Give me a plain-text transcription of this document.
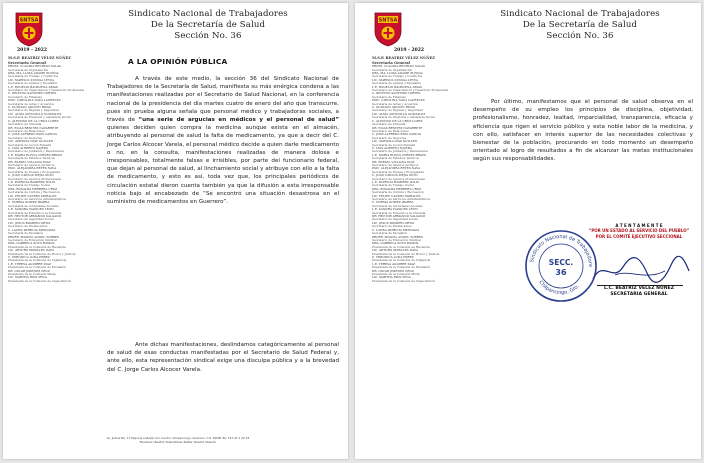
SNTSA
Sindicato Nacional de Trabajadores
De la Secretaría de Salud
Sección No. 36
2019 - 2022
M.S.P. BEATRIZ VÉLEZ NÚÑEZ
Secretaria General
PROFA. CLAUDIA BELTRÁN SALAS
Secretaria de Organización
DRA. MA. LUISA ADAME ZUÑIGA
Secretaria de Trabajo y Conflictos
LIC. MARISOL ZUÑIGA LEYVA
Secretaria de Ajustes y Escalafón
L.E. ROGELIO BALBUENA ARIAS
Secretario de Capacitación y Desarrollo Profesional
C. DELFINO SÁNCHEZ CORTÉS
Secretario de Finanzas
PSIC. CAROLINA NAVA LAURELES
Secretaria de Actas y Acuerdos
C. GUSTAVO ADOLFO RIVAS
Secretario de Higiene y Seguridad
LIC. ALMA ASTUDILLO GONZÁLEZ
Secretaria de Previsión y Asistencia Social
C. ALFONSO DE LA CRUZ LÓPEZ
Secretario de Vivienda
DR. ELIAS BENÍTEZ NAVARRETE
Secretario de Relaciones
C. JOSÉ ALFREDO RÍOS GARCÍA
Secretario de Deportes
LIC. ADRIANA DÍAZ GUILLÉN
Secretaria de Acción Femenil
C. LUIS ALBERTO NAJERA
Secretario de Jubilados y Pensionados
L.E. MARÍA ELENA CORTÉS BRAVO
Secretaria de Estudios Técnicos
DR. RAFAEL VILLALVA DÍAZ
Secretario de Asuntos Jurídicos
PSIC. ALEJANDRA REYES NAVA
Secretaria de Prensa y Propaganda
C. JUAN CARLOS MEJÍA SOTO
Secretario de Asuntos Profesionales
L.E. PATRICIA RAMÍREZ SOLÍS
Secretaria de Trabajo Social
DRA. ROSALBA HERRERA CRUZ
Secretaria de Cultura y Recreación
LIC. FELIPE CASTRO MORALES
Secretario de Servicios Administrativos
C. NORMA GÓMEZ IBARRA
Secretaria de Actividades Sociales
L.E. SANDRA VÁZQUEZ LEÓN
Secretaria de Fomento a la Vivienda
DR. HÉCTOR ARMANDO SALGADO
Secretario de Seguridad Social
LIC. JESÚS ROMERO ORTIZ
Secretario de Prestaciones
C. LAURA PATRICIA MENDOZA
Secretaria de Escalafón
PROFR. MIGUEL ÁNGEL TORRES
Secretario de Educación Sindical
DRA. GABRIELA SOTO RAMOS
Presidenta de la Comisión de Hacienda
LIC. ARTURO MORALES NAVA
Presidente de la Comisión de Honor y Justicia
C. VERÓNICA LUNA PÉREZ
Presidenta de la Comisión de Vigilancia
L.E. TERESA AGUIRRE DÍAZ
Presidenta de la Comisión de Escalafón
DR. OSCAR JIMÉNEZ CRUZ
Presidente de la Comisión Mixta
LIC. MARTHA RÍOS VEGA
Presidenta de la Comisión de Capacitación
A LA OPINIÓN PÚBLICA
A través de este medio, la sección 36 del Sindicato Nacional de Trabajadores de la Secretaría de Salud, manifiesta su más enérgica condena a las manifestaciones realizadas por el Secretario de Salud Nacional, en la conferencia nacional de la presidencia del día martes cuatro de enero del año que transcurre, pues sin prueba alguna señala que personal médico y trabajadoras sociales, a través de “una serie de argucias en médicos y el personal de salud” quienes deciden quien compra la medicina aunque exista en el almacén, atribuyendo al personal de salud la falta de medicamento, ya que a decir del C. Jorge Carlos Alcocer Varela, el personal médico decide a quien darle medicamento o no, en la consulta, manifestaciones realizadas de manera dolosa e irresponsables, totalmente falsas e irrisibles, por parte del funcionario federal, que dejan al personal de salud, al linchamiento social y atribuye con ello a la falta de medicamento, y esto es así, toda vez que, los principales periódicos de circulación estatal dieron cuenta también ya que la difusión a esta irresponsable noticia bajo el encabezado de “Se encontró una situación desastrosa en el suministro de medicamentos en Guerrero”.
Ante dichas manifestaciones, deslindamos categóricamente al personal de salud de esas conductas manifestadas por el Secretario de Salud Federal y, ante ello, esta representación sindical exige una disculpa pública y a la brevedad del C. Jorge Carlos Alcocer Varela.
Av. Juárez No. 17 Esquina Callejón Col. Centro, Chilpancingo, Guerrero. C.P. 39000 Tel: 747-47 1 22 33
Facebook: Beatriz Vélez Núñez Twitter: Beatriz Vélez N.
SNTSA
Sindicato Nacional de Trabajadores
De la Secretaría de Salud
Sección No. 36
2019 - 2022
M.S.P. BEATRIZ VÉLEZ NÚÑEZ
Secretaria General
PROFA. CLAUDIA BELTRÁN SALAS
Secretaria de Organización
DRA. MA. LUISA ADAME ZUÑIGA
Secretaria de Trabajo y Conflictos
LIC. MARISOL ZUÑIGA LEYVA
Secretaria de Ajustes y Escalafón
L.E. ROGELIO BALBUENA ARIAS
Secretario de Capacitación y Desarrollo Profesional
C. DELFINO SÁNCHEZ CORTÉS
Secretario de Finanzas
PSIC. CAROLINA NAVA LAURELES
Secretaria de Actas y Acuerdos
C. GUSTAVO ADOLFO RIVAS
Secretario de Higiene y Seguridad
LIC. ALMA ASTUDILLO GONZÁLEZ
Secretaria de Previsión y Asistencia Social
C. ALFONSO DE LA CRUZ LÓPEZ
Secretario de Vivienda
DR. ELIAS BENÍTEZ NAVARRETE
Secretario de Relaciones
C. JOSÉ ALFREDO RÍOS GARCÍA
Secretario de Deportes
LIC. ADRIANA DÍAZ GUILLÉN
Secretaria de Acción Femenil
C. LUIS ALBERTO NAJERA
Secretario de Jubilados y Pensionados
L.E. MARÍA ELENA CORTÉS BRAVO
Secretaria de Estudios Técnicos
DR. RAFAEL VILLALVA DÍAZ
Secretario de Asuntos Jurídicos
PSIC. ALEJANDRA REYES NAVA
Secretaria de Prensa y Propaganda
C. JUAN CARLOS MEJÍA SOTO
Secretario de Asuntos Profesionales
L.E. PATRICIA RAMÍREZ SOLÍS
Secretaria de Trabajo Social
DRA. ROSALBA HERRERA CRUZ
Secretaria de Cultura y Recreación
LIC. FELIPE CASTRO MORALES
Secretario de Servicios Administrativos
C. NORMA GÓMEZ IBARRA
Secretaria de Actividades Sociales
L.E. SANDRA VÁZQUEZ LEÓN
Secretaria de Fomento a la Vivienda
DR. HÉCTOR ARMANDO SALGADO
Secretario de Seguridad Social
LIC. JESÚS ROMERO ORTIZ
Secretario de Prestaciones
C. LAURA PATRICIA MENDOZA
Secretaria de Escalafón
PROFR. MIGUEL ÁNGEL TORRES
Secretario de Educación Sindical
DRA. GABRIELA SOTO RAMOS
Presidenta de la Comisión de Hacienda
LIC. ARTURO MORALES NAVA
Presidente de la Comisión de Honor y Justicia
C. VERÓNICA LUNA PÉREZ
Presidenta de la Comisión de Vigilancia
L.E. TERESA AGUIRRE DÍAZ
Presidenta de la Comisión de Escalafón
DR. OSCAR JIMÉNEZ CRUZ
Presidente de la Comisión Mixta
LIC. MARTHA RÍOS VEGA
Presidenta de la Comisión de Capacitación
Por último, manifestamos que el personal de salud observa en el desempeño de su empleo los principios de disciplina, objetividad, profesionalismo, honradez, lealtad, imparcialidad, transparencia, eficacia y eficiencia que rigen el servicio público y esta noble labor de la medicina, y con ello, satisfacer en interés superior de las necesidades colectivas y bienestar de la población, procurando en todo momento un desempeño orientado al logro de resultados a fin de alcanzar las metas institucionales según sus responsabilidades.
Sindicato Nacional de Trabajadore
Chilpancingo, Gro.
SECC.
36
A T E N T A M E N T E
“POR UN ESTADO AL SERVICIO DEL PUEBLO”
POR EL COMITÉ EJECUTIVO SECCIONAL
L.C. BEATRIZ VÉLEZ NÚÑEZ
SECRETARIA GENERAL
